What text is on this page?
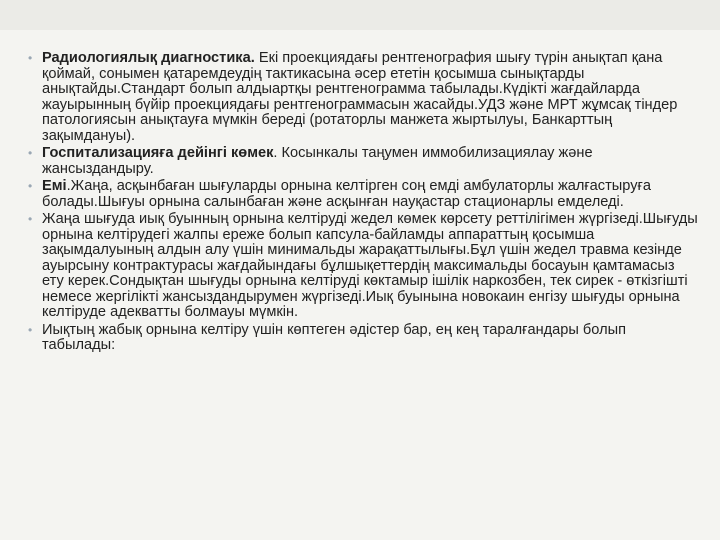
• Радиологиялық диагностика. Екі проекциядағы рентгенография шығу түрін анықтап қана қоймай, сонымен қатаремдеудің тактикасына әсер ететін қосымша сынықтарды анықтайды.Стандарт болып алдыартқы рентгенограмма табылады.Күдікті жағдайларда жауырынның бүйір проекциядағы рентгенограммасын жасайды.УДЗ және МРТ жұмсақ тіндер патологиясын анықтауға мүмкін береді (ротаторлы манжета жыртылуы, Банкарттың зақымдануы).
• Госпитализацияға дейінгі көмек. Косынкалы таңумен иммобилизациялау және жансыздандыру.
• Емі.Жаңа, асқынбаған шығуларды орнына келтірген соң емді амбулаторлы жалғастыруға болады.Шығуы орнына салынбаған және асқынған науқастар стационарлы емделеді.
• Жаңа шығуда иық буынның орнына келтіруді жедел көмек көрсету реттілігімен жүргізеді.Шығуды орнына келтірудегі жалпы ереже болып капсула-байламды аппараттың қосымша зақымдалуының алдын алу үшін минимальды жарақаттылығы.Бұл үшін жедел травма кезінде ауырсыну контрактурасы жағдайындағы бұлшықеттердің максимальды босауын қамтамасыз ету керек.Сондықтан шығуды орнына келтіруді көктамыр ішілік наркозбен, тек сирек - өткізгішті немесе жергілікті жансыздандырумен жүргізеді.Иық буынына новокаин енгізу шығуды орнына келтіруде адекватты болмауы мүмкін.
• Иықтың жабық орнына келтіру үшін көптеген әдістер бар, ең кең таралғандары болып табылады:
